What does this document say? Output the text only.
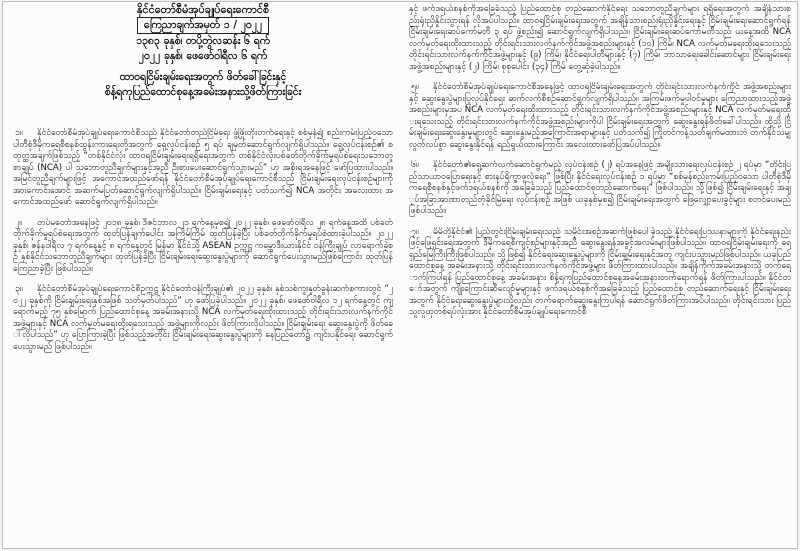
နိုင်ငံတော်စီမံအုပ်ချုပ်ရေးကောင်စီ
ကြေညာချက်အမှတ် ၁ / ၂၀၂၂
၁၃၈၃ ခုနှစ်၊ တပို့တွဲလဆန်း ၆ ရက်
၂၀၂၂ ခုနှစ်၊ ဖေဖော်ဝါရီလ ၆ ရက်
ထာဝရငြိမ်းချမ်းရေးအတွက် ဖိတ်ခေါ်ခြင်းနှင့်
စိန့်ရကုပြည်ထောင်စုနေ့အခမ်းအနားသို့ဖိတ်ကြားခြင်း
၁။ နိုင်ငံတော်စီမံအုပ်ချုပ်ရေးကောင်စီသည် နိုင်ငံတော်တည်ငြိမ်ရေး ဖွံ့ဖြိုးတိုးတက်ရေးနှင့် စစ်မှန်၍ စည်းကမ်းပြည့်ဝသော ပါတီစုံဒီမိုကရေစီစနစ်ထွန်းကားရေးတို့အတွက် ရှေ့လုပ်ငန်းစဉ် ၅ ရပ် ချမှတ်ဆောင်ရွက်လျက်ရှိပါသည်။ ရှေ့လုပ်ငန်းစဉ်၏ စတုတ္ထအချက်ဖြစ်သည့် “တစ်နိုင်ငံလုံး ထာဝရငြိမ်းချမ်းရေးရရှိရေးအတွက် တစ်နိုင်ငံလုံးပစ်ခတ်တိုက်ခိုက်မှုရပ်စဲရေးသဘောတူစာချုပ် (NCA) ပါ သဘောတူညီချက်များနှင့်အညီ ဦးစားပေးဆောင်ရွက်သွားမည်” ဟု အစိုးရအနေဖြင့် ဖော်ပြထားပါသည်။ အမြင်တူညီချက်များဖြင့် အကောင်အထည်ဖော်ရန် နိုင်ငံတော်စီမံအုပ်ချုပ်ရေးကောင်စီသည် ငြိမ်းချမ်းရေးလုပ်ငန်းစဉ်များကို အားကောင်းအောင် အဆက်မပြတ်ဆောင်ရွက်လျက်ရှိပါသည်။ ငြိမ်းချမ်းရေးနှင့် ပတ်သက်၍ NCA အတိုင်း အလေးထား အကောင်အထည်ဖော် ဆောင်ရွက်လျက်ရှိပါသည်။
၂။ တပ်မတော်အနေဖြင့် ၂၀၁၈ ခုနှစ်၊ ဒီဇင်ဘာလ ၂၁ ရက်နေ့မှစ၍ ၂၀၂၂ ခုနှစ်၊ ဖေဖော်ဝါရီလ ၂၈ ရက်နေ့အထိ ပစ်ခတ်တိုက်ခိုက်မှုရပ်စဲရေးအတွက် ထုတ်ပြန်ချက်ပေါင်း အကြိမ်ကြိမ် ထုတ်ပြန်ခဲ့ပြီး ပစ်ခတ်တိုက်ခိုက်မှုရပ်စဲထားခဲ့ပါသည်။ ၂၀၂၂ ခုနှစ်၊ ဇန်နဝါရီလ ၇ ရက်နေ့နှင့် ၈ ရက်နေ့တွင် မြန်မာ နိုင်ငံသို့ ASEAN ဥက္ကဋ္ဌ ကမ္ဘောဒီးယားနိုင်ငံ ဝန်ကြီးချုပ် လာရောက်ခဲ့စဉ် နှစ်နိုင်ငံသဘောတူညီချက်များ ထုတ်ပြန်ခဲ့ပြီး ငြိမ်းချမ်းရေးဆွေးနွေးပွဲများကို ဆောင်ရွက်ပေးသွားမည်ဖြစ်ကြောင်း ထုတ်ပြန်ကြေညာခဲ့ပြီး ဖြစ်ပါသည်။
၃။ နိုင်ငံတော်စီမံအုပ်ချုပ်ရေးကောင်စီဥက္ကဋ္ဌ နိုင်ငံတော်ဝန်ကြီးချုပ်၏ ၂၀၂၂ ခုနှစ်၊ နှစ်သစ်ကူးနှုတ်ခွန်းဆက်စကားတွင် “၂၀၂၂ ခုနှစ်ကို ငြိမ်းချမ်းရေးနှစ်အဖြစ် သတ်မှတ်ပါသည်” ဟု ဖော်ပြခဲ့ပါသည်။ ၂၀၂၂ ခုနှစ်၊ ဖေဖော်ဝါရီလ ၁၂ ရက်နေ့တွင် ကျရောက်မည့် ၇၅ နှစ်မြောက် ပြည်ထောင်စုနေ့ အခမ်းအနားသို့ NCA လက်မှတ်ရေးထိုးထားသည့် တိုင်းရင်းသားလက်နက်ကိုင်အဖွဲ့များနှင့် NCA လက်မှတ်မရေးထိုးရသေးသည့် အဖွဲ့များကိုလည်း ဖိတ်ကြားလိုပါသည်။ ငြိမ်းချမ်းရေး ဆွေးနွေးပွဲကို ဖိတ်ခေါ်လိုပါသည်” ဟု ပြောကြားခဲ့ပြီး ဖြစ်သည့်အတိုင်း ငြိမ်းချမ်းရေးဆွေးနွေးပွဲများကို နေပြည်တော်၌ ကျင်းပနိုင်ရေး ဆောင်ရွက်ပေးသွားမည် ဖြစ်ပါသည်။
နှင့် ဖက်ဒရယ်စနစ်ကိုအခြေခံသည့် ပြည်ထောင်စု တည်ဆောက်နိုင်ရေး သဘောတူညီချက်များ ရရှိရေးအတွက် အချိန်သားစည်းရုံးညှိနှိုင်းသွားရန် လိုအပ်ပါသည်။ ထာဝရငြိမ်းချမ်းရေးအတွက် အချိန်သားစည်းရုံးညှိနှိုင်းရေးနှင့် ငြိမ်းချမ်းရေးဆောင်ရွက်ရန် ငြိမ်းချမ်းရေးဆပ်ကော်မတီ ၃ ရပ် ဖွဲ့စည်း၍ ဆောင်ရွက်လျက်ရှိပါသည်။ ငြိမ်းချမ်းရေးဆပ်ကော်မတီသည် ယနေ့အထိ NCA လက်မှတ်ရေးထိုးထားသည့် တိုင်းရင်းသားလက်နက်ကိုင်အဖွဲ့အစည်းများနှင့် (၁၀) ကြိမ်၊ NCA လက်မှတ်မရေးထိုးရသေးသည့် တိုင်းရင်းသားလက်နက်ကိုင်အဖွဲ့များနှင့် (၉) ကြိမ်၊ နိုင်ငံရေးပါတီများနှင့် (၇) ကြိမ်၊ ဘာသာရေးခေါင်းဆောင်များ ငြိမ်းချမ်းရေးအဖွဲ့အစည်းများနှင့် (၂) ကြိမ်၊ စုစုပေါင်း (၃၄) ကြိမ် တွေ့ဆုံခဲ့ပါသည်။
၅။ နိုင်ငံတော်စီမံအုပ်ချုပ်ရေးကောင်စီအနေဖြင့် ထာဝရငြိမ်းချမ်းရေးအတွက် တိုင်းရင်းသားလက်နက်ကိုင် အဖွဲ့အစည်းများနှင့် ဆွေးနွေးပွဲများပြုလုပ်နိုင်ရေး ဆက်လက်စီစဉ်ဆောင်ရွက်လျက်ရှိပါသည်။ အကြမ်းဖက်မှုပါဝင်မှုများ ကြေညာထားသည့်အဖွဲ့အစည်းများမှအပ NCA လက်မှတ်ရေးထိုးထားသည့် တိုင်းရင်းသားလက်နက်ကိုင်အဖွဲ့အစည်းများနှင့် NCA လက်မှတ်မရေးထိုးရသေးသည့် တိုင်းရင်းသားလက်နက်ကိုင်အဖွဲ့အစည်းများကိုပါ ငြိမ်းချမ်းရေးအတွက် ဆွေးနွေးရန်ဖိတ်ခေါ်ပါသည်။ ထို့သို့ ငြိမ်းချမ်းရေးဆွေးနွေးမှုများတွင် ဆွေးနွေးမည့်အကြောင်းအရာများနှင့် ပတ်သက်၍ ကြိုတင်ကန့်သတ်ချက်မထားဘဲ တက်နိုင်သမျှ လွတ်လပ်စွာ ဆွေးနွေးနိုင်ရန် ရည်ရွယ်ထားကြောင်း အလေးထားဖော်ပြအပ်ပါသည်။
၆။ နိုင်ငံတော်၏ရှေ့ဆက်လက်ဆောင်ရွက်မည့် လုပ်ငန်းစဉ် (၂) ရပ်အနေဖြင့် အမျိုးသားရေးလုပ်ငန်းစဉ် ၂ ရပ်မှာ “တိုင်းပြည်သာယာဝပြောရေးနှင့် စားနပ်ရိက္ခာဖူလုံရေး” ဖြစ်ပြီး နိုင်ငံရေးလုပ်ငန်းစဉ် ၁ ရပ်မှာ “စစ်မှန်စည်းကမ်းပြည့်ဝသော ပါတီစုံဒီမိုကရေစီစနစ်နှင့်ဖက်ဒရယ်စနစ်ကို အခြေခံသည့် ပြည်ထောင်စုတည်ဆောက်ရေး” ဖြစ်ပါသည်။ သို့ဖြစ်၍ ငြိမ်းချမ်းရေးနှင့် အချုပ်အခြာအာဏာတည်တံ့ခိုင်မြဲရေး လုပ်ငန်းစဉ် အဖြစ် ယခုနှစ်မှစ၍ ငြိမ်းချမ်းရေးအတွက် ဖြေလျှော့ပေးခွင့်များ စတင်ပေးမည်ဖြစ်ပါသည်။
၇။ မိမိတို့နိုင်ငံ၏ ပြည်တွင်းငြိမ်းချမ်းရေးသည် သမိုင်းအစဉ်အဆက်ဖြစ်ပေါ်ခဲ့သည့် နိုင်ငံရေးပြဿနာများကို နိုင်ငံရေးနည်းဖြင့်ဖြေရှင်းရေးအတွက် ဒီမိုကရေစီကျင့်စဉ်များနှင့်အညီ ဆွေးနွေးရန်အခွင့်အလမ်းများဖြစ်ပါသည်။ ထာဝရငြိမ်းချမ်းရေးကို ရေရှည်မြေကြီးကြီးဖြစ်ပါသည်။ သို့ဖြစ်၍ နိုင်ငံရေးဆွေးနွေးပွဲများကို ငြိမ်းချမ်းရေးနှင့်အတူ ကျင်းပသွားမည်ဖြစ်ပါသည်။ ယခုပြည်ထောင်စုနေ့ အခမ်းအနားသို့ တိုင်းရင်းသားလက်နက်ကိုင်အဖွဲ့များ ဖိတ်ကြားထားပါသည်။ အချိန်ကိုက်အခမ်းအနားသို့ တက်ရောက်ကြပါရန် ပြည်ထောင်စုနေ့ အခမ်းအနား စိန့်ရကုပြည်ထောင်စုနေ့အခမ်းအနားတက်ရောက်ရန် ဖိတ်ကြားပါသည်။ နိုင်ငံတော်အတွက် ကျိုးကြောင်းဆီလျော်မှုများနှင့် ဖက်ဒရယ်စနစ်ကိုအခြေခံသည့် ပြည်ထောင်စု တည်ဆောက်ရေးနှင့် ငြိမ်းချမ်းရေးအတွက် နိုင်ငံရေးဆွေးနွေးပွဲများသို့လည်း တက်ရောက်ဆွေးနွေးကြပါရန် ဆောင်ရွက်ဖိတ်ကြားအပ်ပါသည်။ တိုင်းရင်းသား ပြည်သူလူထုတစ်ရပ်လုံးအား နိုင်ငံတော်စီမံအုပ်ချုပ်ရေးကောင်စီ
